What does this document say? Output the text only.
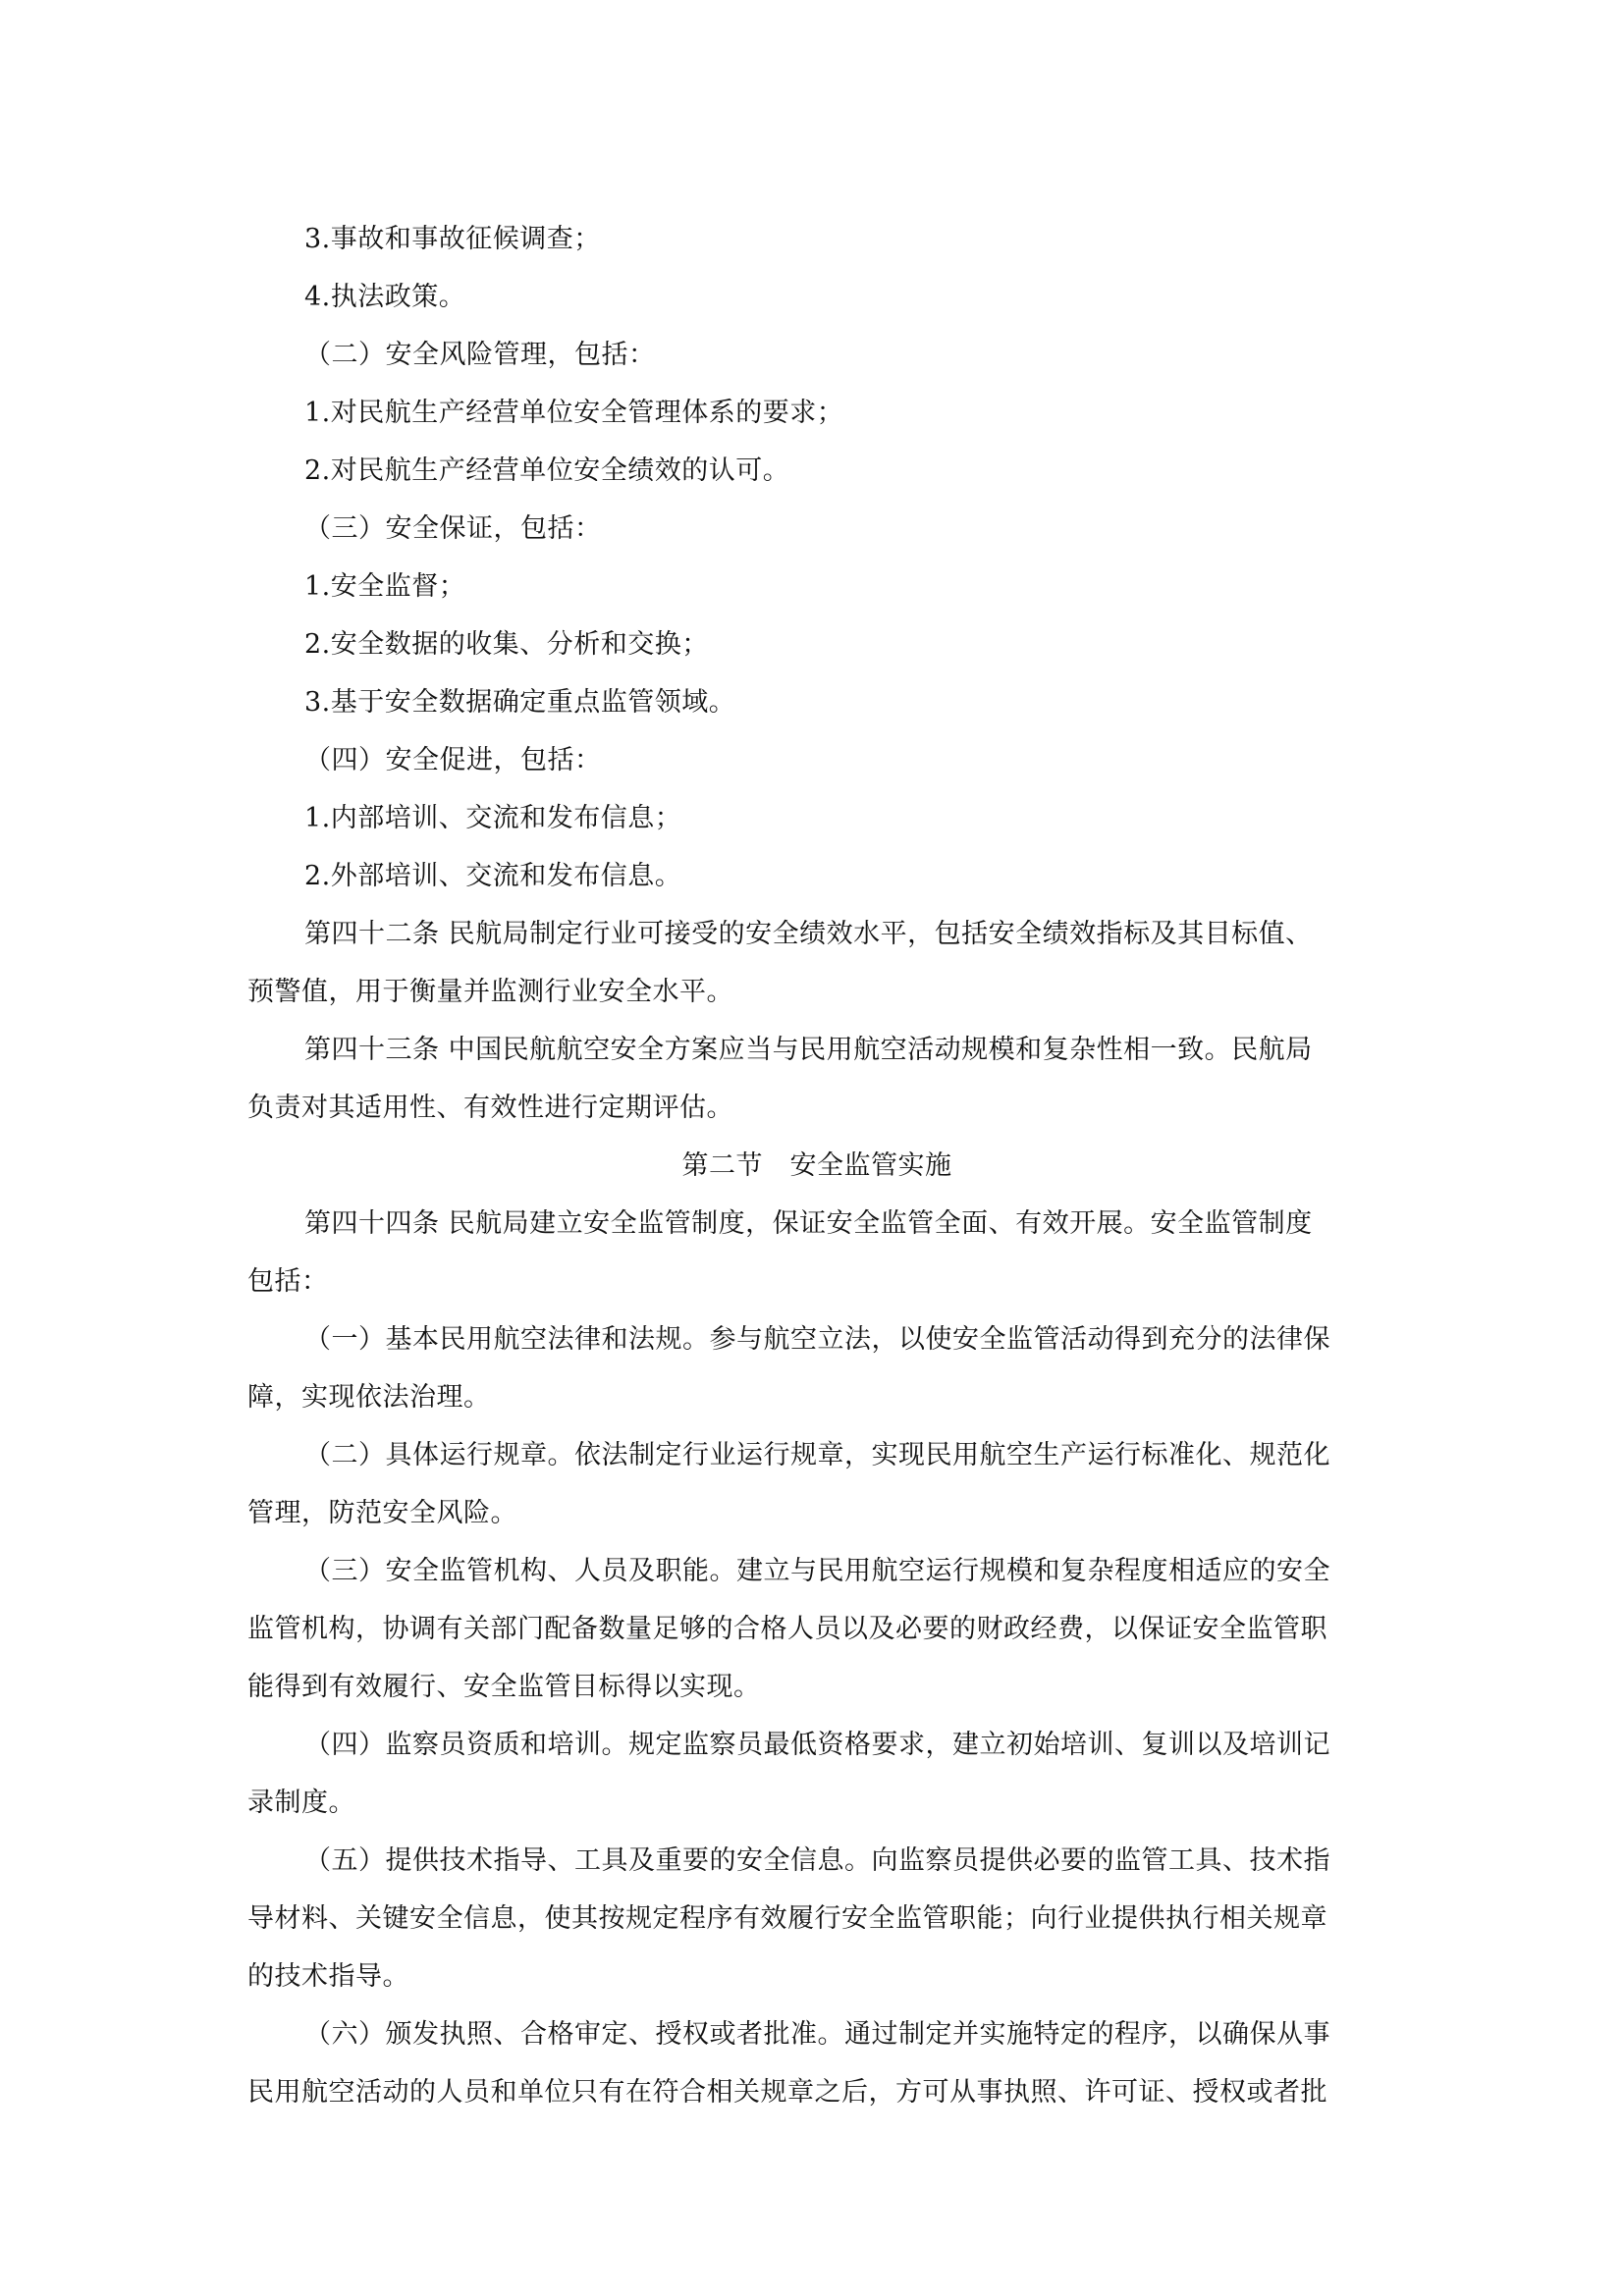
3.事故和事故征候调查；
4.执法政策。
（二）安全风险管理，包括：
1.对民航生产经营单位安全管理体系的要求；
2.对民航生产经营单位安全绩效的认可。
（三）安全保证，包括：
1.安全监督；
2.安全数据的收集、分析和交换；
3.基于安全数据确定重点监管领域。
（四）安全促进，包括：
1.内部培训、交流和发布信息；
2.外部培训、交流和发布信息。
第四十二条 民航局制定行业可接受的安全绩效水平，包括安全绩效指标及其目标值、
预警值，用于衡量并监测行业安全水平。
第四十三条 中国民航航空安全方案应当与民用航空活动规模和复杂性相一致。民航局
负责对其适用性、有效性进行定期评估。
第二节　安全监管实施
第四十四条 民航局建立安全监管制度，保证安全监管全面、有效开展。安全监管制度
包括：
（一）基本民用航空法律和法规。参与航空立法，以使安全监管活动得到充分的法律保
障，实现依法治理。
（二）具体运行规章。依法制定行业运行规章，实现民用航空生产运行标准化、规范化
管理，防范安全风险。
（三）安全监管机构、人员及职能。建立与民用航空运行规模和复杂程度相适应的安全
监管机构，协调有关部门配备数量足够的合格人员以及必要的财政经费，以保证安全监管职
能得到有效履行、安全监管目标得以实现。
（四）监察员资质和培训。规定监察员最低资格要求，建立初始培训、复训以及培训记
录制度。
（五）提供技术指导、工具及重要的安全信息。向监察员提供必要的监管工具、技术指
导材料、关键安全信息，使其按规定程序有效履行安全监管职能；向行业提供执行相关规章
的技术指导。
（六）颁发执照、合格审定、授权或者批准。通过制定并实施特定的程序，以确保从事
民用航空活动的人员和单位只有在符合相关规章之后，方可从事执照、许可证、授权或者批
